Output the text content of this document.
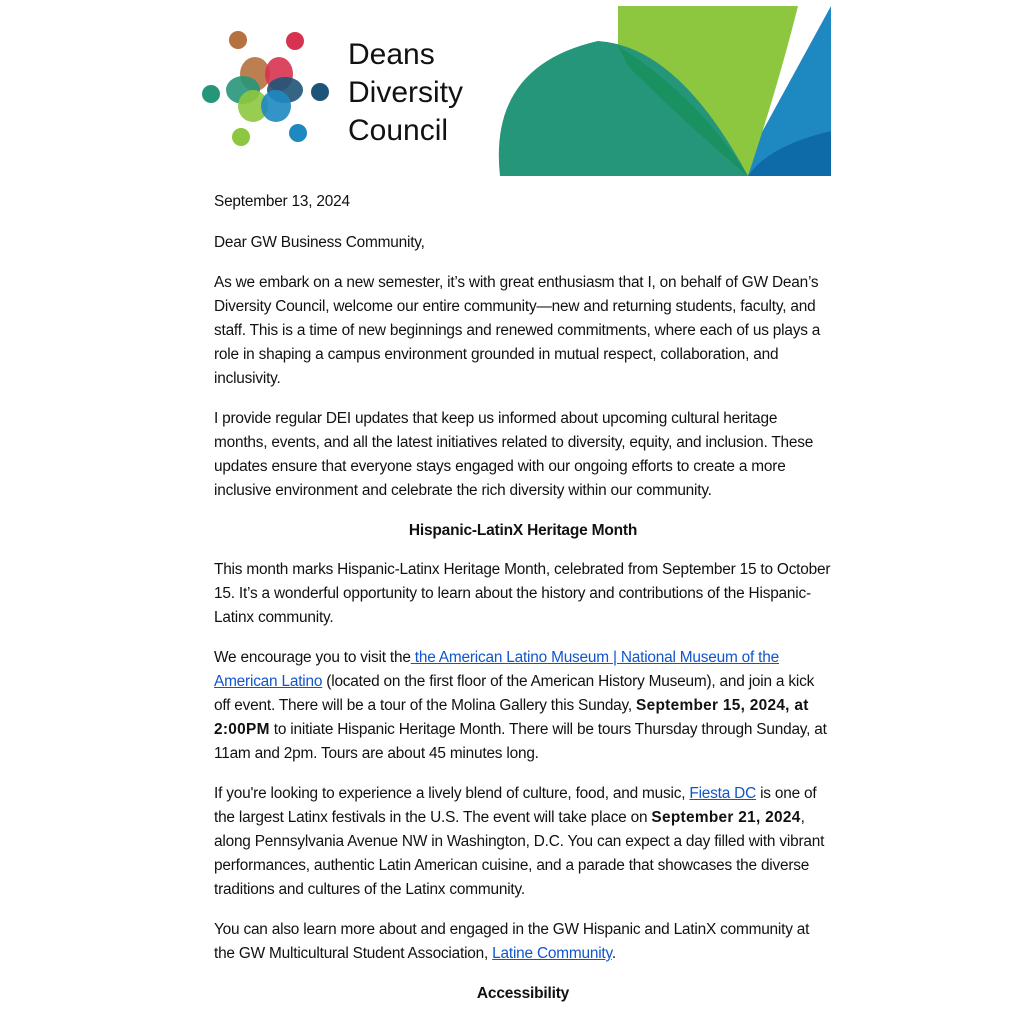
Deans
Diversity
Council

September 13, 2024

Dear GW Business Community,

As we embark on a new semester, it’s with great enthusiasm that I, on behalf of GW Dean’s Diversity Council, welcome our entire community—new and returning students, faculty, and staff. This is a time of new beginnings and renewed commitments, where each of us plays a role in shaping a campus environment grounded in mutual respect, collaboration, and inclusivity.

I provide regular DEI updates that keep us informed about upcoming cultural heritage months, events, and all the latest initiatives related to diversity, equity, and inclusion. These updates ensure that everyone stays engaged with our ongoing efforts to create a more inclusive environment and celebrate the rich diversity within our community.

Hispanic-LatinX Heritage Month

This month marks Hispanic-Latinx Heritage Month, celebrated from September 15 to October 15. It’s a wonderful opportunity to learn about the history and contributions of the Hispanic-Latinx community.

We encourage you to visit the the American Latino Museum | National Museum of the American Latino (located on the first floor of the American History Museum), and join a kick off event. There will be a tour of the Molina Gallery this Sunday, September 15, 2024, at 2:00PM to initiate Hispanic Heritage Month. There will be tours Thursday through Sunday, at 11am and 2pm. Tours are about 45 minutes long.

If you're looking to experience a lively blend of culture, food, and music, Fiesta DC is one of the largest Latinx festivals in the U.S. The event will take place on September 21, 2024, along Pennsylvania Avenue NW in Washington, D.C. You can expect a day filled with vibrant performances, authentic Latin American cuisine, and a parade that showcases the diverse traditions and cultures of the Latinx community.

You can also learn more about and engaged in the GW Hispanic and LatinX community at the GW Multicultural Student Association, Latine Community.

Accessibility
